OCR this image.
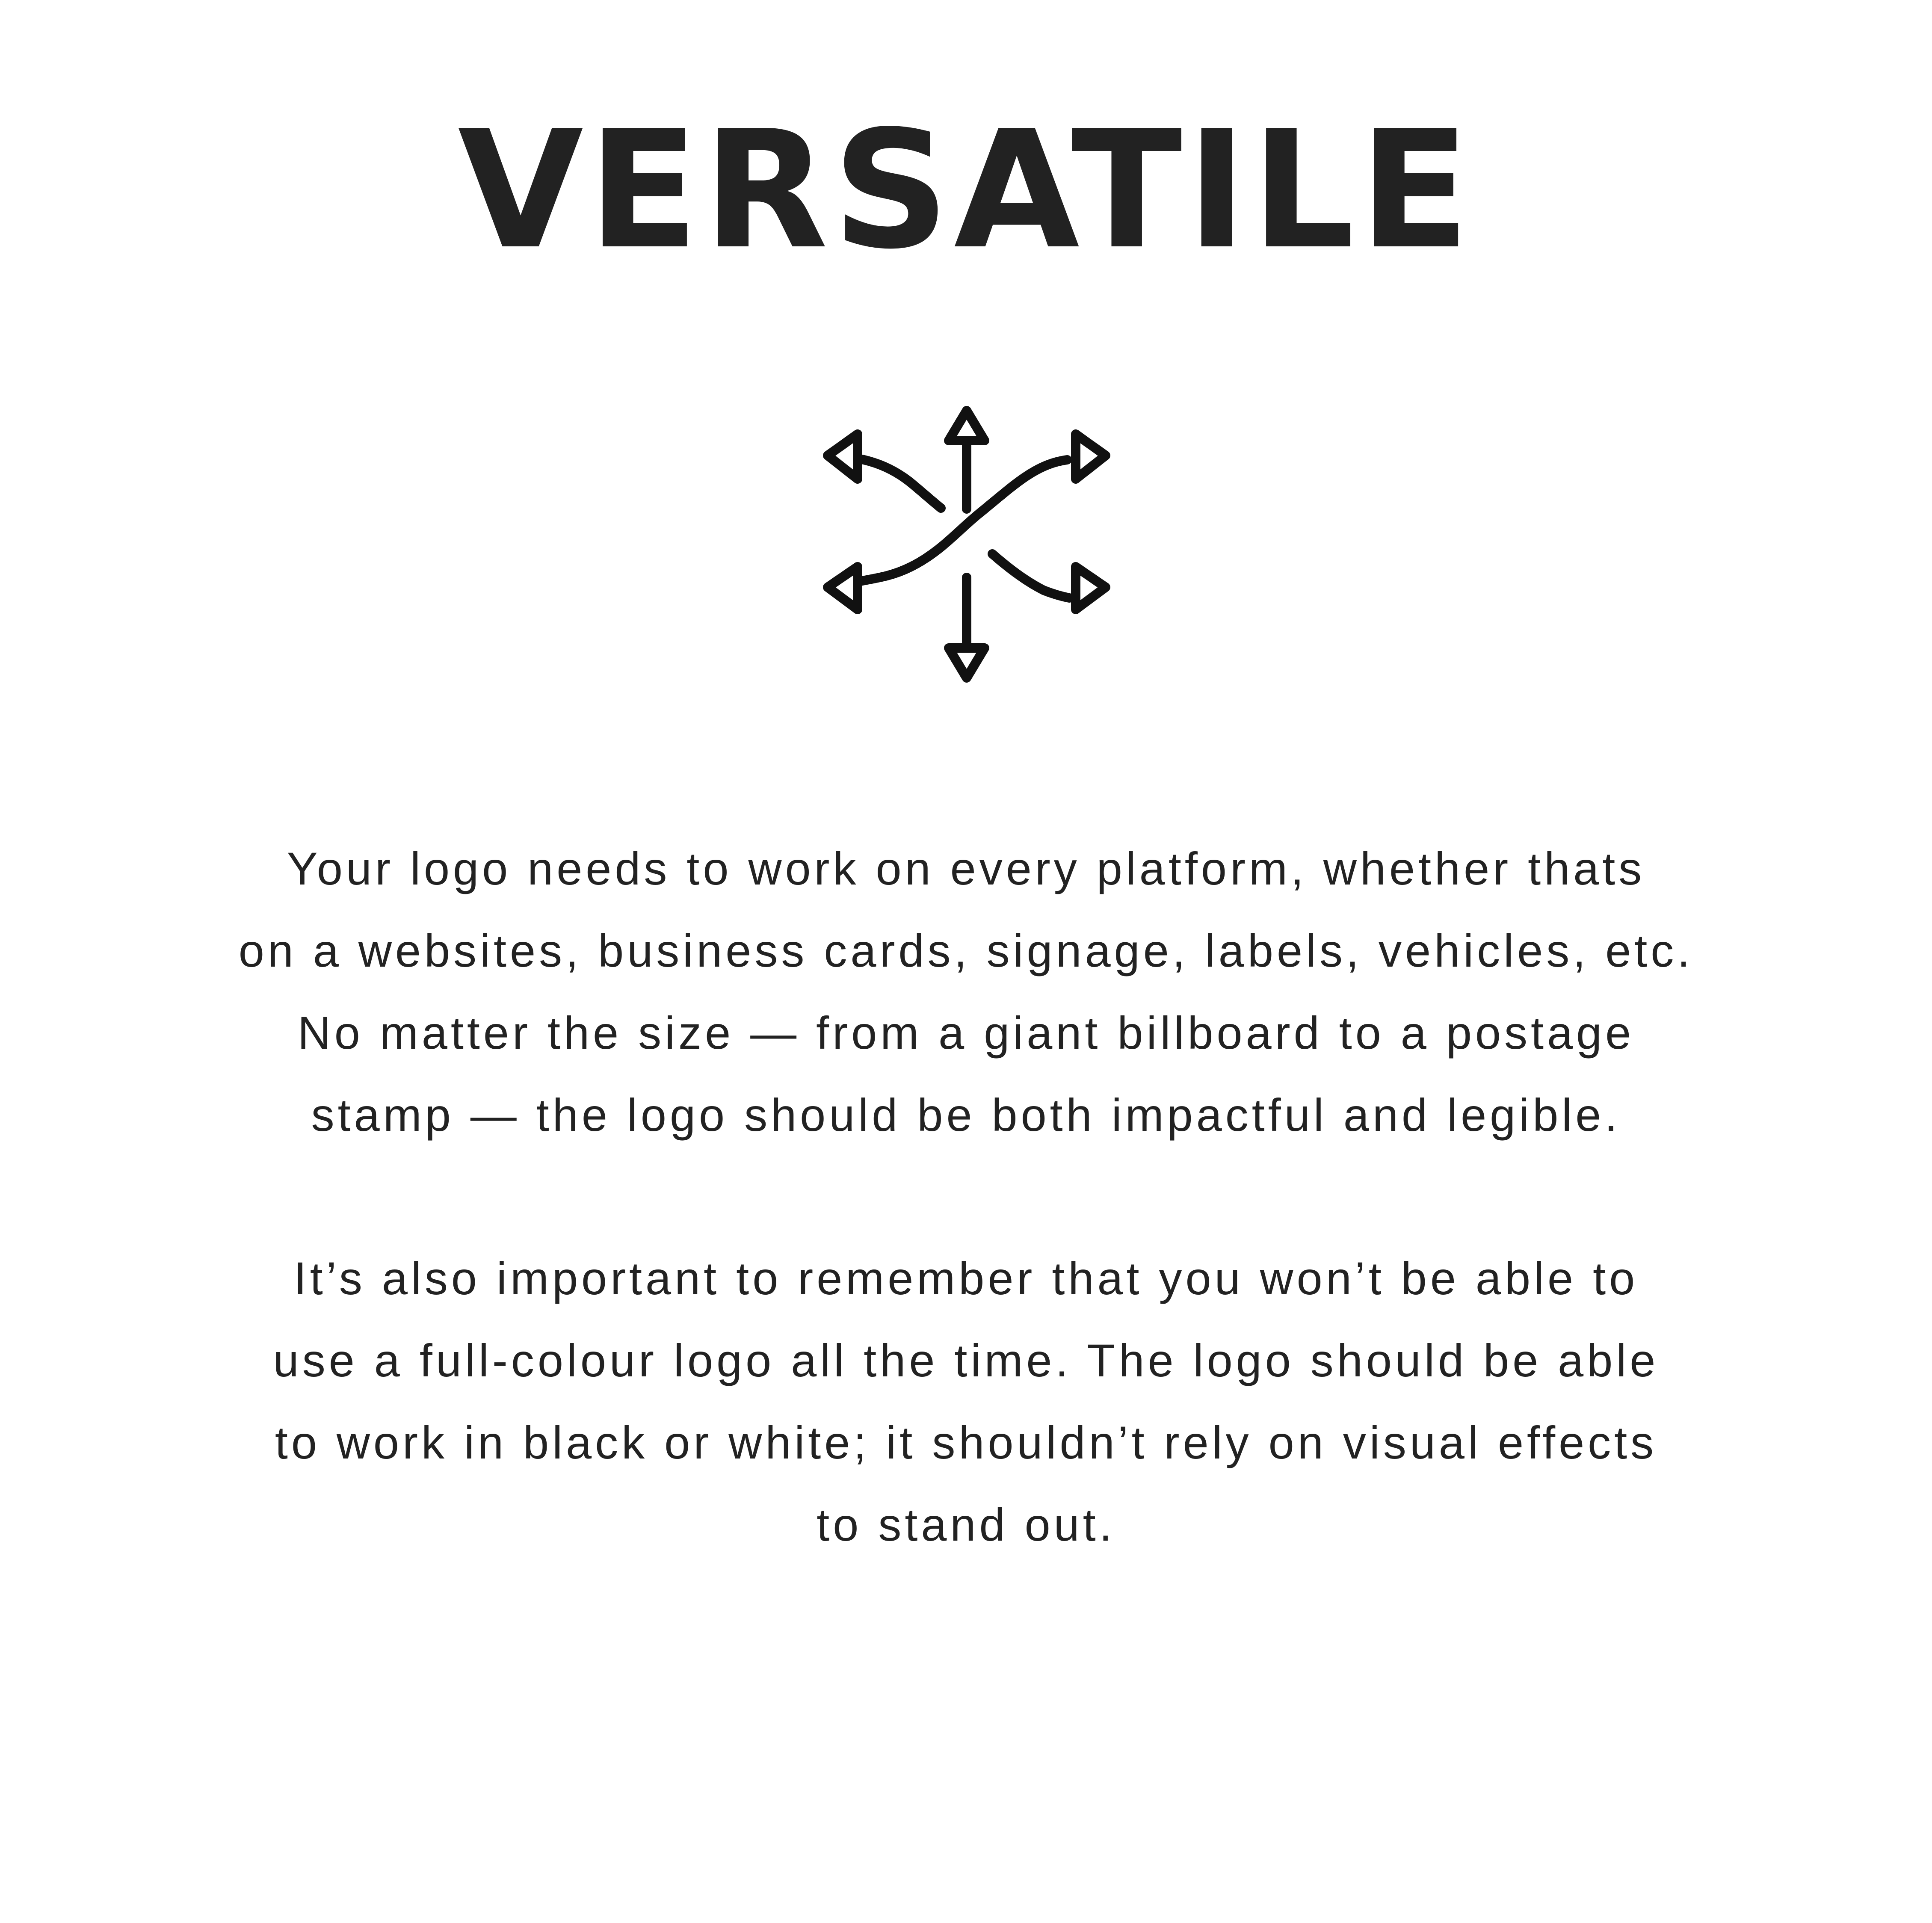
VERSATILE
Your logo needs to work on every platform, whether thats
on a websites, business cards, signage, labels, vehicles, etc.
No matter the size — from a giant billboard to a postage
stamp — the logo should be both impactful and legible.
It’s also important to remember that you won’t be able to
use a full-colour logo all the time. The logo should be able
to work in black or white; it shouldn’t rely on visual effects
to stand out.
